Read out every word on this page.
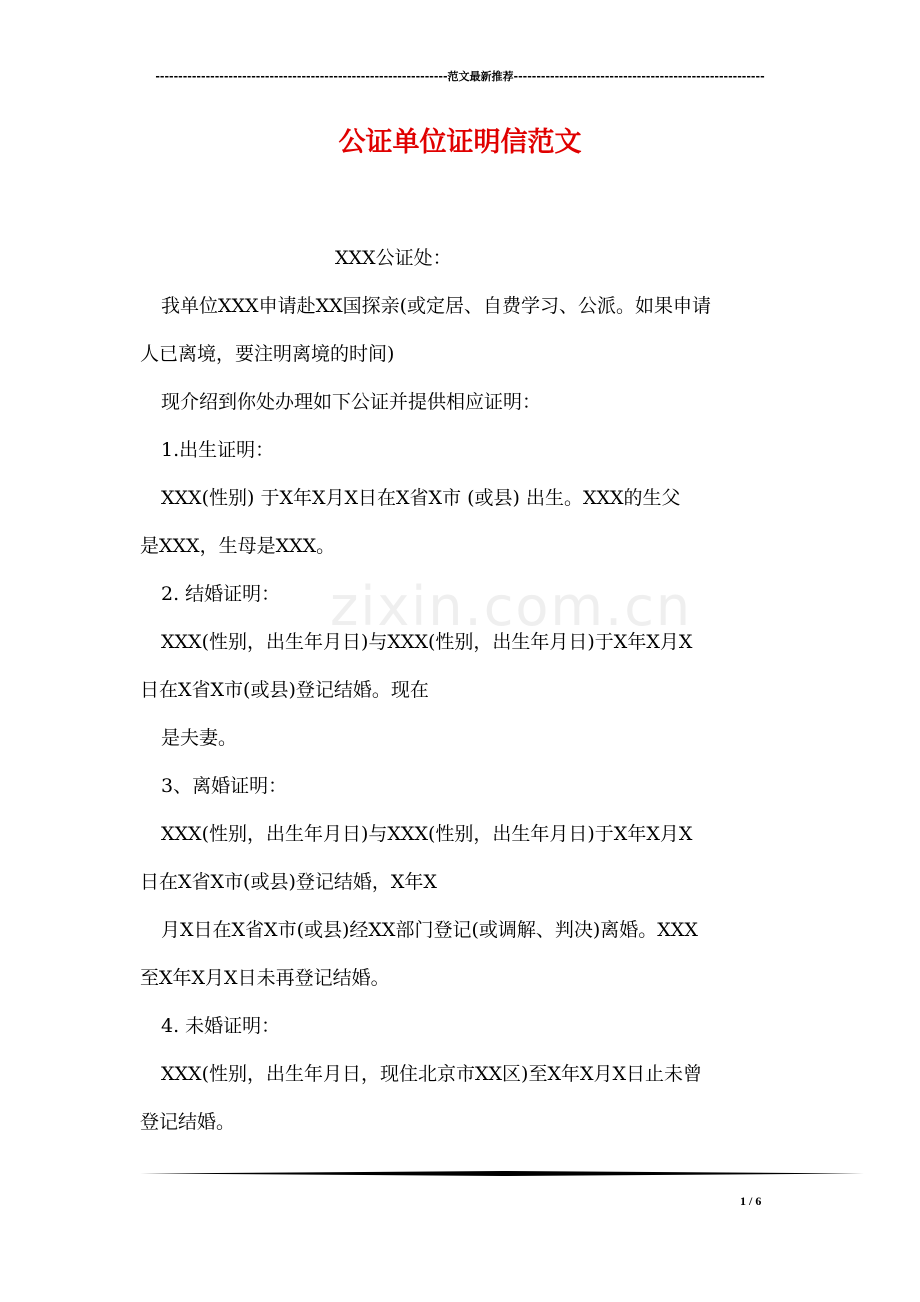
----------------------------------------------------------------范文最新推荐-------------------------------------------------------
公证单位证明信范文
zixin.com.cn
XXX公证处：
我单位XXX申请赴XX国探亲(或定居、自费学习、公派。如果申请
人已离境，要注明离境的时间)
现介绍到你处办理如下公证并提供相应证明：
1.出生证明：
XXX(性别) 于X年X月X日在X省X市 (或县) 出生。XXX的生父
是XXX，生母是XXX。
2. 结婚证明：
XXX(性别，出生年月日)与XXX(性别，出生年月日)于X年X月X
日在X省X市(或县)登记结婚。现在
是夫妻。
3、离婚证明：
XXX(性别，出生年月日)与XXX(性别，出生年月日)于X年X月X
日在X省X市(或县)登记结婚，X年X
月X日在X省X市(或县)经XX部门登记(或调解、判决)离婚。XXX
至X年X月X日未再登记结婚。
4. 未婚证明：
XXX(性别，出生年月日，现住北京市XX区)至X年X月X日止未曾
登记结婚。
1 / 6
